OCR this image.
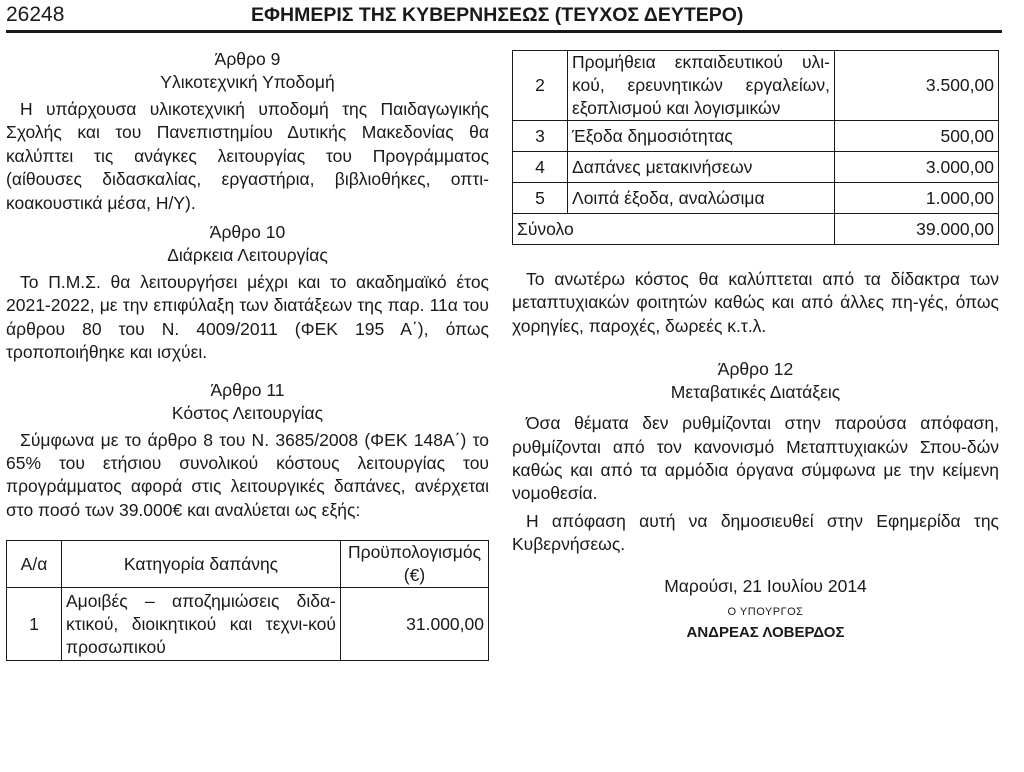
26248	ΕΦΗΜΕΡΙΣ ΤΗΣ ΚΥΒΕΡΝΗΣΕΩΣ (ΤΕΥΧΟΣ ΔΕΥΤΕΡΟ)
Άρθρο 9
Υλικοτεχνική Υποδομή

Η υπάρχουσα υλικοτεχνική υποδομή της Παιδαγωγικής Σχολής και του Πανεπιστημίου Δυτικής Μακεδονίας θα καλύπτει τις ανάγκες λειτουργίας του Προγράμματος (αίθουσες διδασκαλίας, εργαστήρια, βιβλιοθήκες, οπτι-κοακουστικά μέσα, Η/Υ).

Άρθρο 10
Διάρκεια Λειτουργίας

Το Π.Μ.Σ. θα λειτουργήσει μέχρι και το ακαδημαϊκό έτος 2021-2022, με την επιφύλαξη των διατάξεων της παρ. 11α του άρθρου 80 του Ν. 4009/2011 (ΦΕΚ 195 Α΄), όπως τροποποιήθηκε και ισχύει.

Άρθρο 11
Κόστος Λειτουργίας

Σύμφωνα με το άρθρο 8 του Ν. 3685/2008 (ΦΕΚ 148Α΄) το 65% του ετήσιου συνολικού κόστους λειτουργίας του προγράμματος αφορά στις λειτουργικές δαπάνες, ανέρχεται στο ποσό των 39.000€ και αναλύεται ως εξής:

Α/α	Κατηγορία δαπάνης	Προϋπολογισμός (€)
1	Αμοιβές – αποζημιώσεις διδα-κτικού, διοικητικού και τεχνι-κού προσωπικού	31.000,00
2	Προμήθεια εκπαιδευτικού υλι-κού, ερευνητικών εργαλείων, εξοπλισμού και λογισμικών	3.500,00
3	Έξοδα δημοσιότητας	500,00
4	Δαπάνες μετακινήσεων	3.000,00
5	Λοιπά έξοδα, αναλώσιμα	1.000,00
Σύνολο		39.000,00

Το ανωτέρω κόστος θα καλύπτεται από τα δίδακτρα των μεταπτυχιακών φοιτητών καθώς και από άλλες πη-γές, όπως χορηγίες, παροχές, δωρεές κ.τ.λ.

Άρθρο 12
Μεταβατικές Διατάξεις

Όσα θέματα δεν ρυθμίζονται στην παρούσα απόφαση, ρυθμίζονται από τον κανονισμό Μεταπτυχιακών Σπου-δών καθώς και από τα αρμόδια όργανα σύμφωνα με την κείμενη νομοθεσία.

Η απόφαση αυτή να δημοσιευθεί στην Εφημερίδα της Κυβερνήσεως.

Μαρούσι, 21 Ιουλίου 2014
Ο ΥΠΟΥΡΓΟΣ
ΑΝΔΡΕΑΣ ΛΟΒΕΡΔΟΣ
